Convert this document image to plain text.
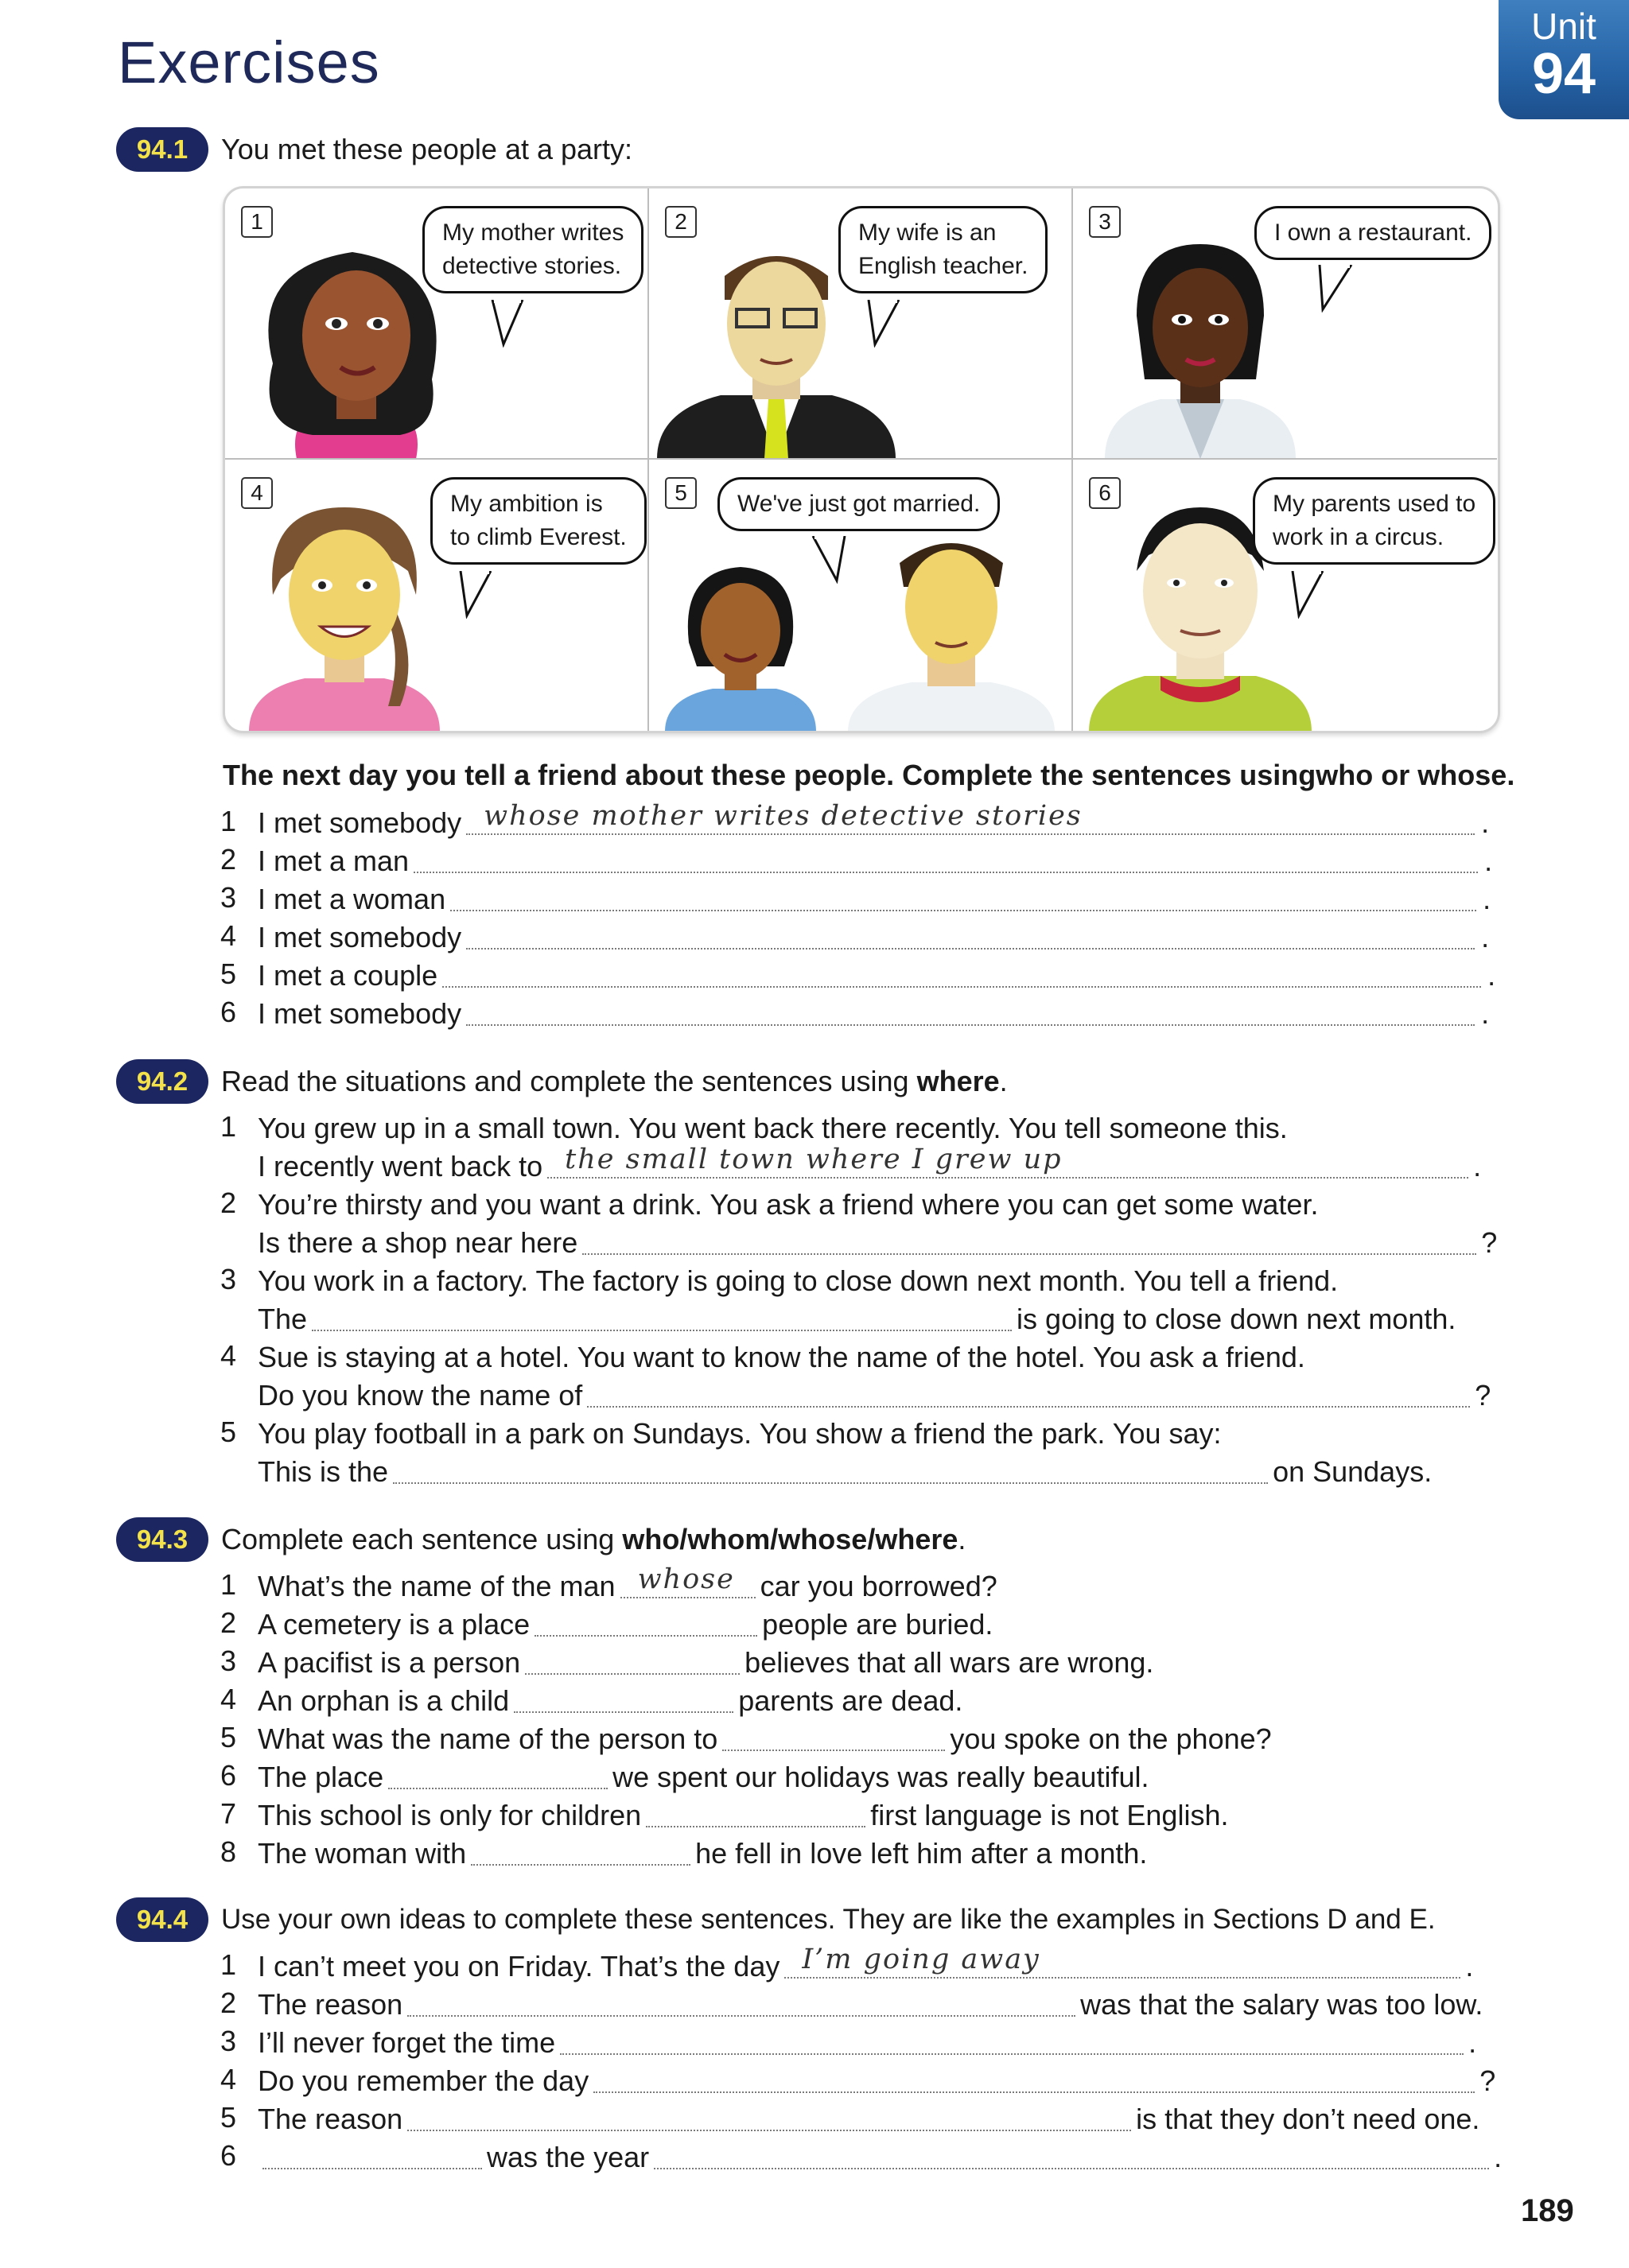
Exercises
Unit
94
94.1	You met these people at a party:
1	My mother writes
detective stories.
2	My wife is an
English teacher.
3	I own a restaurant.
4	My ambition is
to climb Everest.
5	We've just got married.	6	My parents used to
work in a circus.
The next day you tell a friend about these people. Complete the sentences using who or whose .
1 I met somebody whose mother writes detective stories	.
2 I met a man	.
3 I met a woman	.
4 I met somebody	.
5 I met a couple	.
6 I met somebody	.
94.2	Read the situations and complete the sentences using where.
1 You grew up in a small town. You went back there recently. You tell someone this.
I recently went back to the small town where I grew up	.
2 You’re thirsty and you want a drink. You ask a friend where you can get some water.
Is there a shop near here	?
3 You work in a factory. The factory is going to close down next month. You tell a friend.
The	is going to close down next month.
4 Sue is staying at a hotel. You want to know the name of the hotel. You ask a friend.
Do you know the name of	?
5 You play football in a park on Sundays. You show a friend the park. You say:
This is the	on Sundays.
94.3	Complete each sentence using who/whom/whose/where.
1 What’s the name of the man whose car you borrowed?
2 A cemetery is a place	people are buried.
3 A pacifist is a person	believes that all wars are wrong.
4 An orphan is a child	parents are dead.
5 What was the name of the person to	you spoke on the phone?
6 The place	we spent our holidays was really beautiful.
7 This school is only for children	first language is not English.
8 The woman with	he fell in love left him after a month.
94.4	Use your own ideas to complete these sentences. They are like the examples in Sections D and E.
1 I can’t meet you on Friday. That’s the day I’m going away	.
2 The reason	was that the salary was too low.
3 I’ll never forget the time	.
4 Do you remember the day	?
5 The reason	is that they don’t need one.
6	was the year	.
189
